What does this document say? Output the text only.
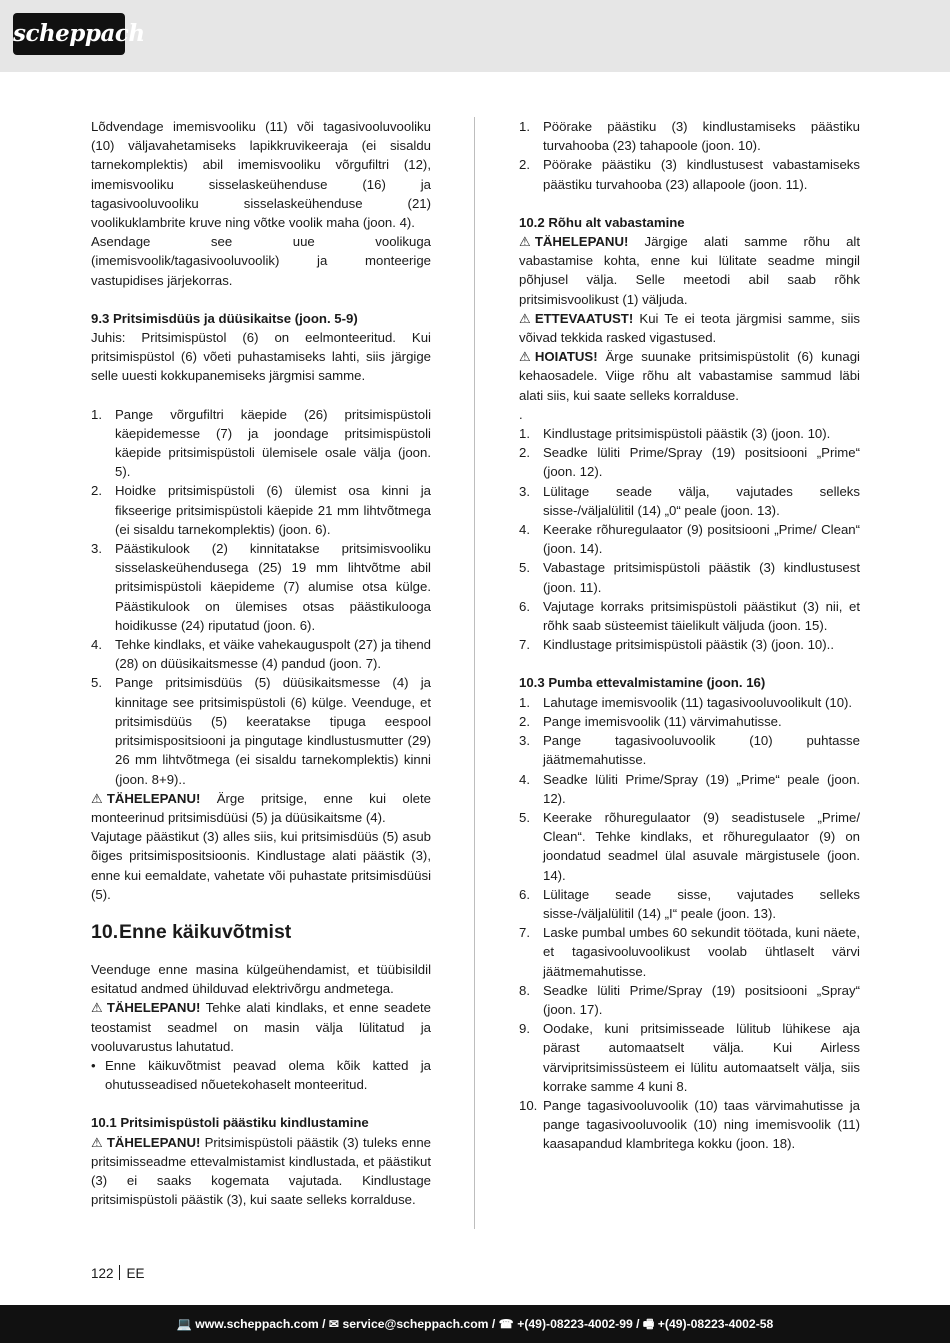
scheppach

Lõdvendage imemisvooliku (11) või tagasivooluvooliku (10) väljavahetamiseks lapikkruvikeeraja (ei sisaldu tarnekomplektis) abil imemisvooliku võrgufiltri (12), imemisvooliku sisselaskeühenduse (16) ja tagasivooluvooliku sisselaskeühenduse (21) voolikuklambrite kruve ning võtke voolik maha (joon. 4).

Asendage see uue voolikuga (imemisvoolik/tagasivooluvoolik) ja monteerige vastupidises järjekorras.

9.3 Pritsimisdüüs ja düüsikaitse (joon. 5-9)

Juhis: Pritsimispüstol (6) on eelmonteeritud. Kui pritsimispüstol (6) võeti puhastamiseks lahti, siis järgige selle uuesti kokkupanemiseks järgmisi samme.

1. Pange võrgufiltri käepide (26) pritsimispüstoli käepidemesse (7) ja joondage pritsimispüstoli käepide pritsimispüstoli ülemisele osale välja (joon. 5).
2. Hoidke pritsimispüstoli (6) ülemist osa kinni ja fikseerige pritsimispüstoli käepide 21 mm lihtvõtmega (ei sisaldu tarnekomplektis) (joon. 6).
3. Päästikulook (2) kinnitatakse pritsimisvooliku sisselaskeühendusega (25) 19 mm lihtvõtme abil pritsimispüstoli käepideme (7) alumise otsa külge. Päästikulook on ülemises otsas päästikulooga hoidikusse (24) riputatud (joon. 6).
4. Tehke kindlaks, et väike vahekauguspolt (27) ja tihend (28) on düüsikaitsmesse (4) pandud (joon. 7).
5. Pange pritsimisdüüs (5) düüsikaitsmesse (4) ja kinnitage see pritsimispüstoli (6) külge. Veenduge, et pritsimisdüüs (5) keeratakse tipuga eespool pritsimispositsiooni ja pingutage kindlustusmutter (29) 26 mm lihtvõtmega (ei sisaldu tarnekomplektis) kinni (joon. 8+9)..

⚠ TÄHELEPANU! Ärge pritsige, enne kui olete monteerinud pritsimisdüüsi (5) ja düüsikaitsme (4).

Vajutage päästikut (3) alles siis, kui pritsimisdüüs (5) asub õiges pritsimispositsioonis. Kindlustage alati päästik (3), enne kui eemaldate, vahetate või puhastate pritsimisdüüsi (5).

10.Enne käikuvõtmist

Veenduge enne masina külgeühendamist, et tüübisildil esitatud andmed ühilduvad elektrivõrgu andmetega.

⚠ TÄHELEPANU! Tehke alati kindlaks, et enne seadete teostamist seadmel on masin välja lülitatud ja vooluvarustus lahutatud.

• Enne käikuvõtmist peavad olema kõik katted ja ohutusseadised nõuetekohaselt monteeritud.

10.1 Pritsimispüstoli päästiku kindlustamine

⚠ TÄHELEPANU! Pritsimispüstoli päästik (3) tuleks enne pritsimisseadme ettevalmistamist kindlustada, et päästikut (3) ei saaks kogemata vajutada. Kindlustage pritsimispüstoli päästik (3), kui saate selleks korralduse.

1. Pöörake päästiku (3) kindlustamiseks päästiku turvahooba (23) tahapoole (joon. 10).
2. Pöörake päästiku (3) kindlustusest vabastamiseks päästiku turvahooba (23) allapoole (joon. 11).

10.2 Rõhu alt vabastamine

⚠ TÄHELEPANU! Järgige alati samme rõhu alt vabastamise kohta, enne kui lülitate seadme mingil põhjusel välja. Selle meetodi abil saab rõhk pritsimisvoolikust (1) väljuda.

⚠ ETTEVAATUST! Kui Te ei teota järgmisi samme, siis võivad tekkida rasked vigastused.

⚠ HOIATUS! Ärge suunake pritsimispüstolit (6) kunagi kehaosadele. Viige rõhu alt vabastamise sammud läbi alati siis, kui saate selleks korralduse.

.

1. Kindlustage pritsimispüstoli päästik (3) (joon. 10).
2. Seadke lüliti Prime/Spray (19) positsiooni „Prime“ (joon. 12).
3. Lülitage seade välja, vajutades selleks sisse-/väljalülitil (14) „0“ peale (joon. 13).
4. Keerake rõhuregulaator (9) positsiooni „Prime/ Clean“ (joon. 14).
5. Vabastage pritsimispüstoli päästik (3) kindlustusest (joon. 11).
6. Vajutage korraks pritsimispüstoli päästikut (3) nii, et rõhk saab süsteemist täielikult väljuda (joon. 15).
7. Kindlustage pritsimispüstoli päästik (3) (joon. 10)..

10.3 Pumba ettevalmistamine (joon. 16)

1. Lahutage imemisvoolik (11) tagasivooluvoolikult (10).
2. Pange imemisvoolik (11) värvimahutisse.
3. Pange tagasivooluvoolik (10) puhtasse jäätmemahutisse.
4. Seadke lüliti Prime/Spray (19) „Prime“ peale (joon. 12).
5. Keerake rõhuregulaator (9) seadistusele „Prime/ Clean“. Tehke kindlaks, et rõhuregulaator (9) on joondatud seadmel ülal asuvale märgistusele (joon. 14).
6. Lülitage seade sisse, vajutades selleks sisse-/väljalülitil (14) „I“ peale (joon. 13).
7. Laske pumbal umbes 60 sekundit töötada, kuni näete, et tagasivooluvoolikust voolab ühtlaselt värvi jäätmemahutisse.
8. Seadke lüliti Prime/Spray (19) positsiooni „Spray“ (joon. 17).
9. Oodake, kuni pritsimisseade lülitub lühikese aja pärast automaatselt välja. Kui Airless värvipritsimissüsteem ei lülitu automaatselt välja, siis korrake samme 4 kuni 8.
10. Pange tagasivooluvoolik (10) taas värvimahutisse ja pange tagasivooluvoolik (10) ning imemisvoolik (11) kaasapandud klambritega kokku (joon. 18).
122 EE
💻 www.scheppach.com / ✉ service@scheppach.com / ☎ +(49)-08223-4002-99 / 🖷 +(49)-08223-4002-58
